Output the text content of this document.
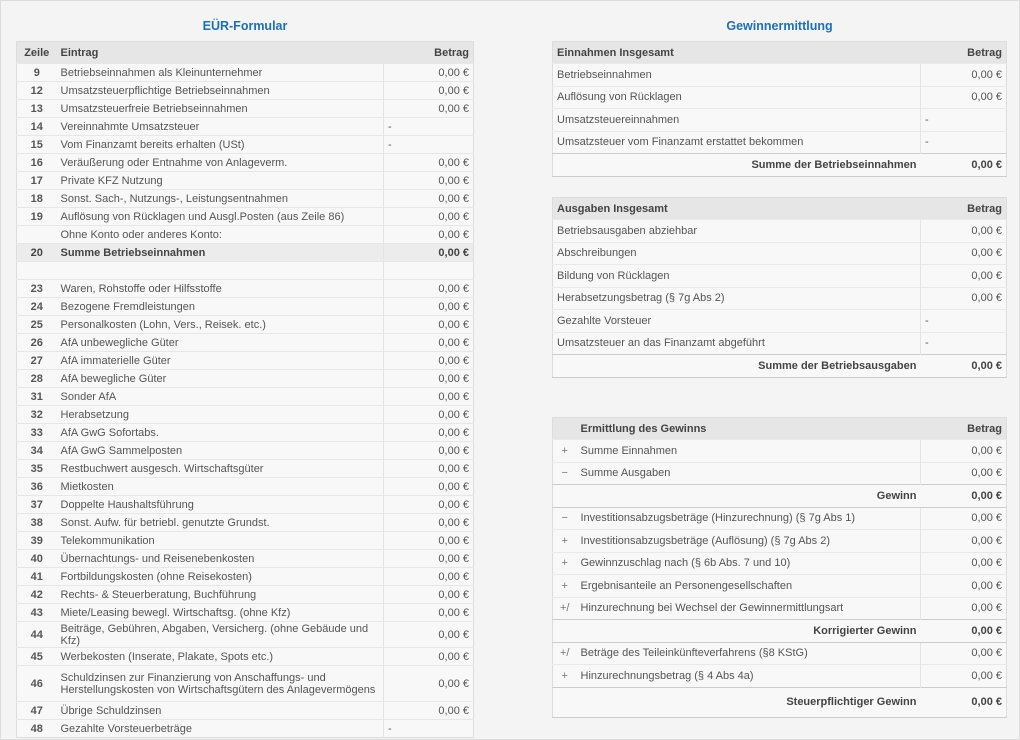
EÜR-Formular
Zeile	Eintrag	Betrag
9	Betriebseinnahmen als Kleinunternehmer	0,00 €
12	Umsatzsteuerpflichtige Betriebseinnahmen	0,00 €
13	Umsatzsteuerfreie Betriebseinnahmen	0,00 €
14	Vereinnahmte Umsatzsteuer	-
15	Vom Finanzamt bereits erhalten (USt)	-
16	Veräußerung oder Entnahme von Anlageverm.	0,00 €
17	Private KFZ Nutzung	0,00 €
18	Sonst. Sach-, Nutzungs-, Leistungsentnahmen	0,00 €
19	Auflösung von Rücklagen und Ausgl.Posten (aus Zeile 86)	0,00 €
	Ohne Konto oder anderes Konto:	0,00 €
20	Summe Betriebseinnahmen	0,00 €

23	Waren, Rohstoffe oder Hilfsstoffe	0,00 €
24	Bezogene Fremdleistungen	0,00 €
25	Personalkosten (Lohn, Vers., Reisek. etc.)	0,00 €
26	AfA unbewegliche Güter	0,00 €
27	AfA immaterielle Güter	0,00 €
28	AfA bewegliche Güter	0,00 €
31	Sonder AfA	0,00 €
32	Herabsetzung	0,00 €
33	AfA GwG Sofortabs.	0,00 €
34	AfA GwG Sammelposten	0,00 €
35	Restbuchwert ausgesch. Wirtschaftsgüter	0,00 €
36	Mietkosten	0,00 €
37	Doppelte Haushaltsführung	0,00 €
38	Sonst. Aufw. für betriebl. genutzte Grundst.	0,00 €
39	Telekommunikation	0,00 €
40	Übernachtungs- und Reisenebenkosten	0,00 €
41	Fortbildungskosten (ohne Reisekosten)	0,00 €
42	Rechts- & Steuerberatung, Buchführung	0,00 €
43	Miete/Leasing bewegl. Wirtschaftsg. (ohne Kfz)	0,00 €
44	Beiträge, Gebühren, Abgaben, Versicherg. (ohne Gebäude und Kfz)	0,00 €
45	Werbekosten (Inserate, Plakate, Spots etc.)	0,00 €
46	Schuldzinsen zur Finanzierung von Anschaffungs- und Herstellungskosten von Wirtschaftsgütern des Anlagevermögens	0,00 €
47	Übrige Schuldzinsen	0,00 €
48	Gezahlte Vorsteuerbeträge	-
Gewinnermittlung
Einnahmen Insgesamt	Betrag
Betriebseinnahmen	0,00 €
Auflösung von Rücklagen	0,00 €
Umsatzsteuereinnahmen	-
Umsatzsteuer vom Finanzamt erstattet bekommen	-
Summe der Betriebseinnahmen	0,00 €
Ausgaben Insgesamt	Betrag
Betriebsausgaben abziehbar	0,00 €
Abschreibungen	0,00 €
Bildung von Rücklagen	0,00 €
Herabsetzungsbetrag (§ 7g Abs 2)	0,00 €
Gezahlte Vorsteuer	-
Umsatzsteuer an das Finanzamt abgeführt	-
Summe der Betriebsausgaben	0,00 €
	Ermittlung des Gewinns	Betrag
+	Summe Einnahmen	0,00 €
−	Summe Ausgaben	0,00 €
Gewinn		0,00 €
−	Investitionsabzugsbeträge (Hinzurechnung) (§ 7g Abs 1)	0,00 €
+	Investitionsabzugsbeträge (Auflösung) (§ 7g Abs 2)	0,00 €
+	Gewinnzuschlag nach (§ 6b Abs. 7 und 10)	0,00 €
+	Ergebnisanteile an Personengesellschaften	0,00 €
+/	Hinzurechnung bei Wechsel der Gewinnermittlungsart	0,00 €
Korrigierter Gewinn		0,00 €
+/	Beträge des Teileinkünfteverfahrens (§8 KStG)	0,00 €
+	Hinzurechnungsbetrag (§ 4 Abs 4a)	0,00 €
Steuerpflichtiger Gewinn		0,00 €
